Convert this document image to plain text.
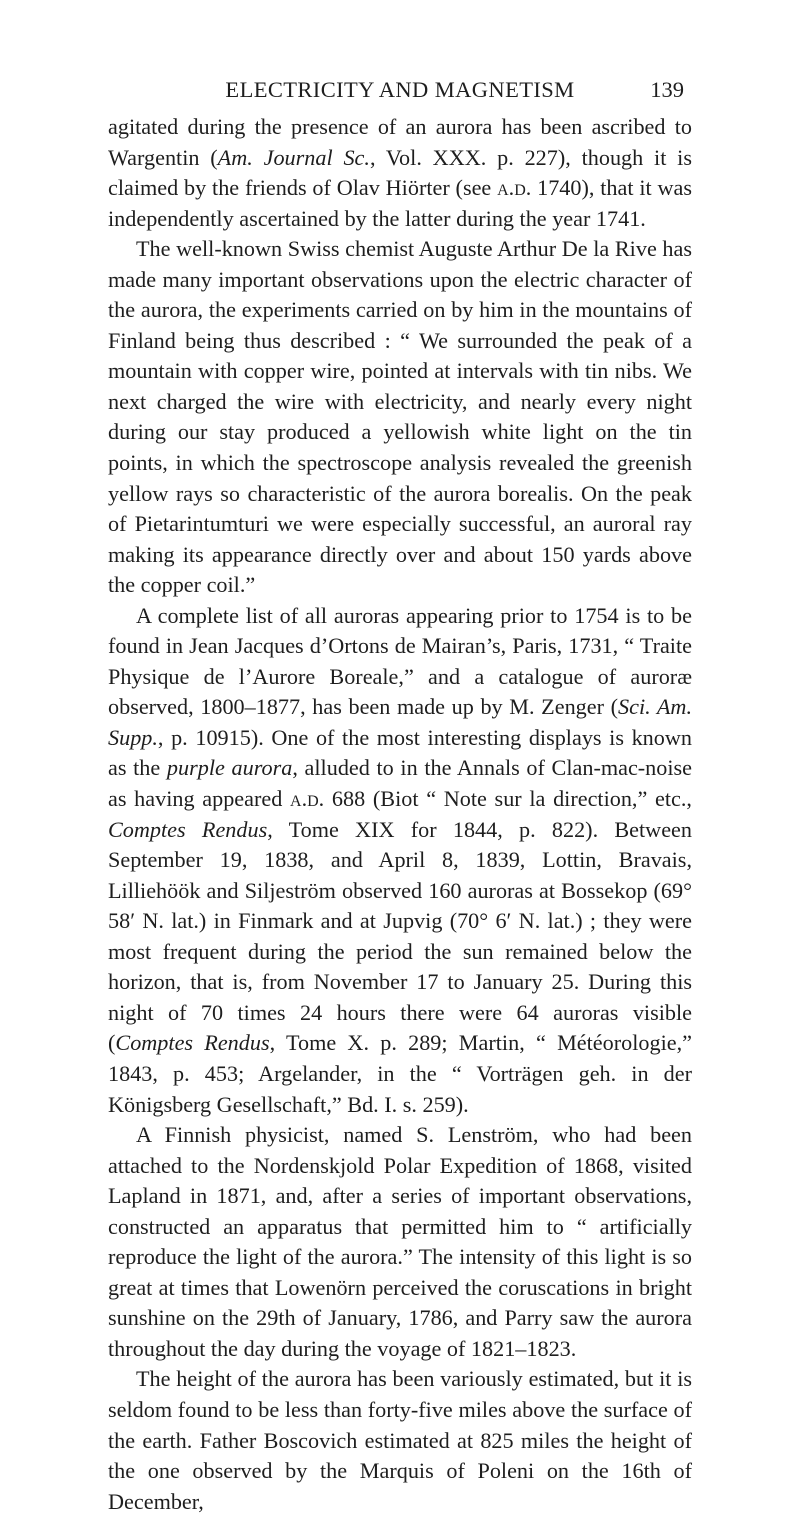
ELECTRICITY AND MAGNETISM	139

agitated during the presence of an aurora has been ascribed to Wargentin (Am. Journal Sc., Vol. XXX. p. 227), though it is claimed by the friends of Olav Hiörter (see a.d. 1740), that it was independently ascertained by the latter during the year 1741.

The well-known Swiss chemist Auguste Arthur De la Rive has made many important observations upon the electric character of the aurora, the experiments carried on by him in the mountains of Finland being thus described : “ We surrounded the peak of a mountain with copper wire, pointed at intervals with tin nibs. We next charged the wire with electricity, and nearly every night during our stay produced a yellowish white light on the tin points, in which the spectroscope analysis revealed the greenish yellow rays so characteristic of the aurora borealis. On the peak of Pietarintumturi we were especially successful, an auroral ray making its appearance directly over and about 150 yards above the copper coil.”

A complete list of all auroras appearing prior to 1754 is to be found in Jean Jacques d’Ortons de Mairan’s, Paris, 1731, “ Traite Physique de l’Aurore Boreale,” and a catalogue of auroræ observed, 1800–1877, has been made up by M. Zenger (Sci. Am. Supp., p. 10915). One of the most interesting displays is known as the purple aurora, alluded to in the Annals of Clan-mac-noise as having appeared a.d. 688 (Biot “ Note sur la direction,” etc., Comptes Rendus, Tome XIX for 1844, p. 822). Between September 19, 1838, and April 8, 1839, Lottin, Bravais, Lilliehöök and Siljeström observed 160 auroras at Bossekop (69° 58′ N. lat.) in Finmark and at Jupvig (70° 6′ N. lat.) ; they were most frequent during the period the sun remained below the horizon, that is, from November 17 to January 25. During this night of 70 times 24 hours there were 64 auroras visible (Comptes Rendus, Tome X. p. 289; Martin, “ Météorologie,” 1843, p. 453; Argelander, in the “ Vorträgen geh. in der Königsberg Gesellschaft,” Bd. I. s. 259).

A Finnish physicist, named S. Lenström, who had been attached to the Nordenskjold Polar Expedition of 1868, visited Lapland in 1871, and, after a series of important observations, constructed an apparatus that permitted him to “ artificially reproduce the light of the aurora.” The intensity of this light is so great at times that Lowenörn perceived the coruscations in bright sunshine on the 29th of January, 1786, and Parry saw the aurora throughout the day during the voyage of 1821–1823.

The height of the aurora has been variously estimated, but it is seldom found to be less than forty-five miles above the surface of the earth. Father Boscovich estimated at 825 miles the height of the one observed by the Marquis of Poleni on the 16th of December,
